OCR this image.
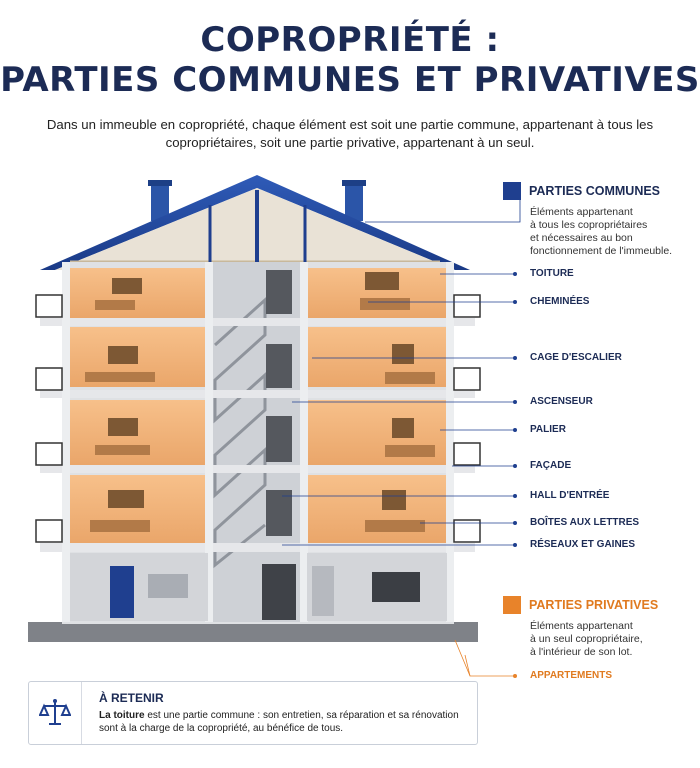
COPROPRIÉTÉ :
PARTIES COMMUNES ET PRIVATIVES
Dans un immeuble en copropriété, chaque élément est soit une partie commune, appartenant à tous les copropriétaires, soit une partie privative, appartenant à un seul.
PARTIES COMMUNES
Éléments appartenant
à tous les copropriétaires
et nécessaires au bon
fonctionnement de l'immeuble.
TOITURE
CHEMINÉES
CAGE D'ESCALIER
ASCENSEUR
PALIER
FAÇADE
HALL D'ENTRÉE
BOÎTES AUX LETTRES
RÉSEAUX ET GAINES
PARTIES PRIVATIVES
Éléments appartenant
à un seul copropriétaire,
à l'intérieur de son lot.
APPARTEMENTS
À RETENIR
La toiture est une partie commune : son entretien, sa réparation et sa rénovation
sont à la charge de la copropriété, au bénéfice de tous.
